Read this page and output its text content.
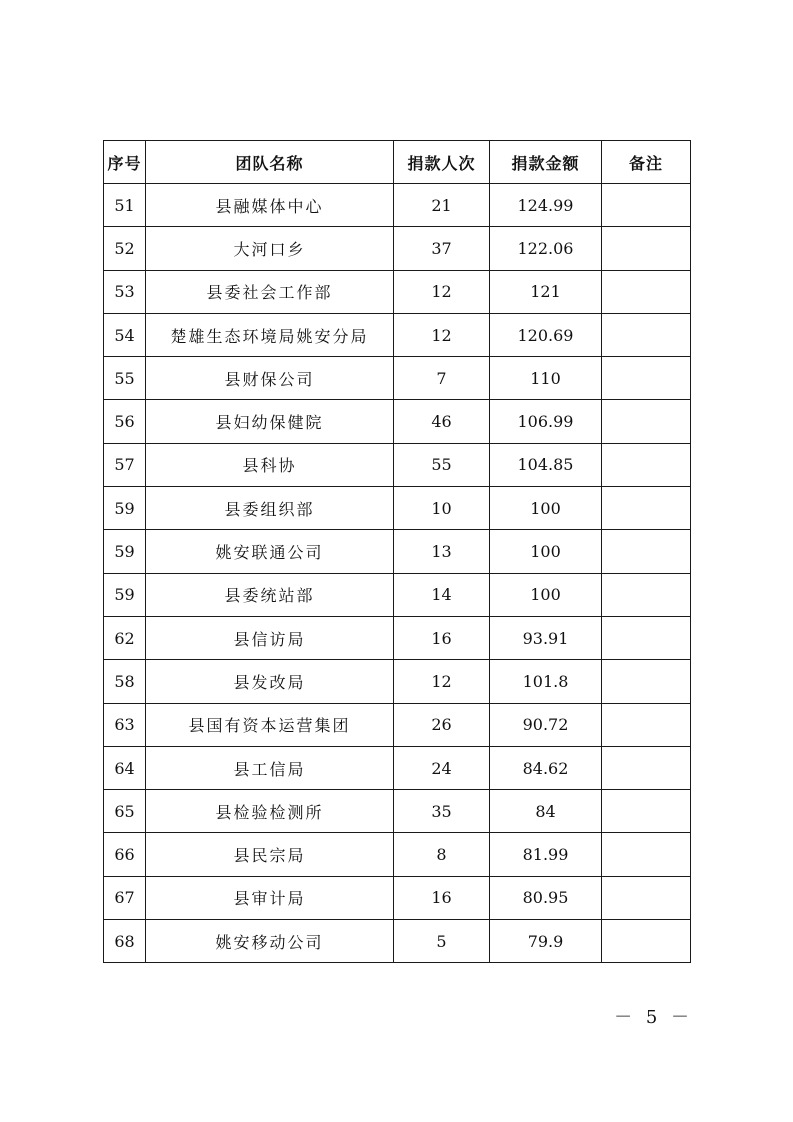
序号	团队名称	捐款人次	捐款金额	备注
51	县融媒体中心	21	124.99	
52	大河口乡	37	122.06	
53	县委社会工作部	12	121	
54	楚雄生态环境局姚安分局	12	120.69	
55	县财保公司	7	110	
56	县妇幼保健院	46	106.99	
57	县科协	55	104.85	
59	县委组织部	10	100	
59	姚安联通公司	13	100	
59	县委统站部	14	100	
62	县信访局	16	93.91	
58	县发改局	12	101.8	
63	县国有资本运营集团	26	90.72	
64	县工信局	24	84.62	
65	县检验检测所	35	84	
66	县民宗局	8	81.99	
67	县审计局	16	80.95	
68	姚安移动公司	5	79.9	
－ 5 －
